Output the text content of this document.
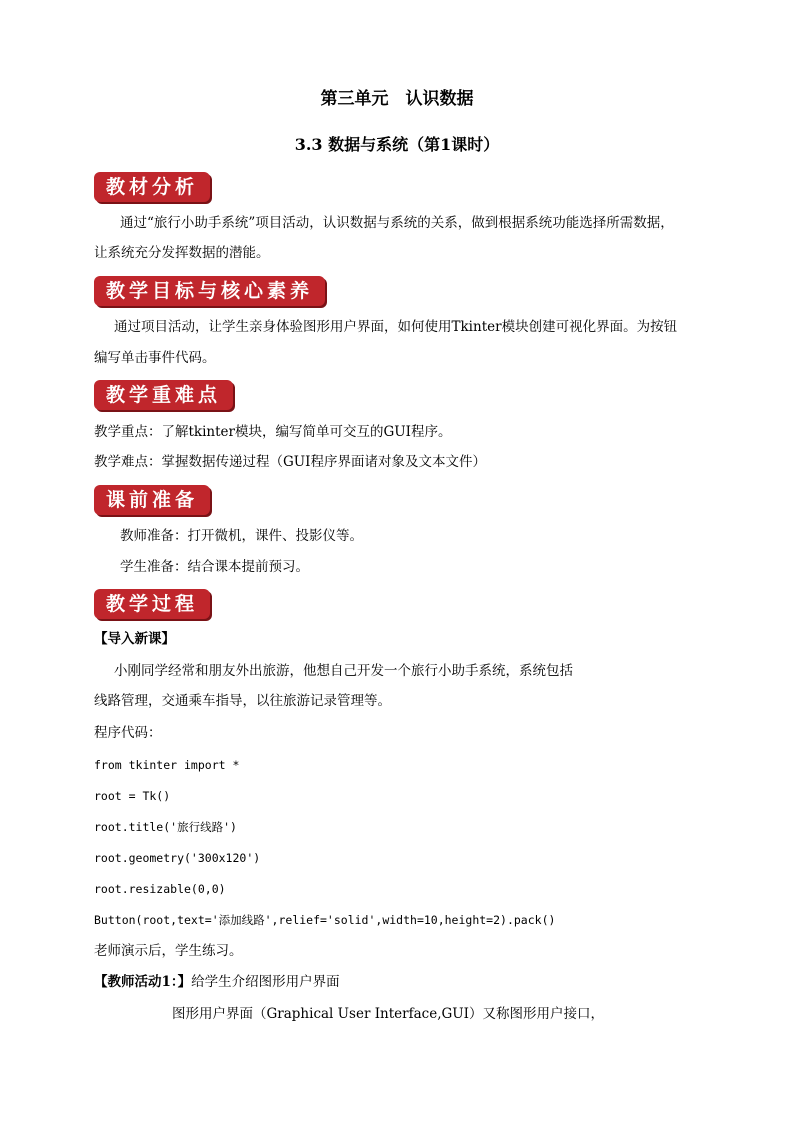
第三单元　认识数据
3.3 数据与系统（第1课时）
教材分析
通过“旅行小助手系统”项目活动，认识数据与系统的关系，做到根据系统功能选择所需数据，
让系统充分发挥数据的潜能。
教学目标与核心素养
通过项目活动，让学生亲身体验图形用户界面，如何使用Tkinter模块创建可视化界面。为按钮
编写单击事件代码。
教学重难点
教学重点：了解tkinter模块，编写简单可交互的GUI程序。
教学难点：掌握数据传递过程（GUI程序界面诸对象及文本文件）
课前准备
教师准备：打开微机，课件、投影仪等。
学生准备：结合课本提前预习。
教学过程
【导入新课】
小刚同学经常和朋友外出旅游，他想自己开发一个旅行小助手系统，系统包括
线路管理，交通乘车指导，以往旅游记录管理等。
程序代码：
from tkinter import *
root = Tk()
root.title('旅行线路')
root.geometry('300x120')
root.resizable(0,0)
Button(root,text='添加线路',relief='solid',width=10,height=2).pack()
老师演示后，学生练习。
【教师活动1：】给学生介绍图形用户界面
图形用户界面（Graphical User Interface,GUI）又称图形用户接口，
